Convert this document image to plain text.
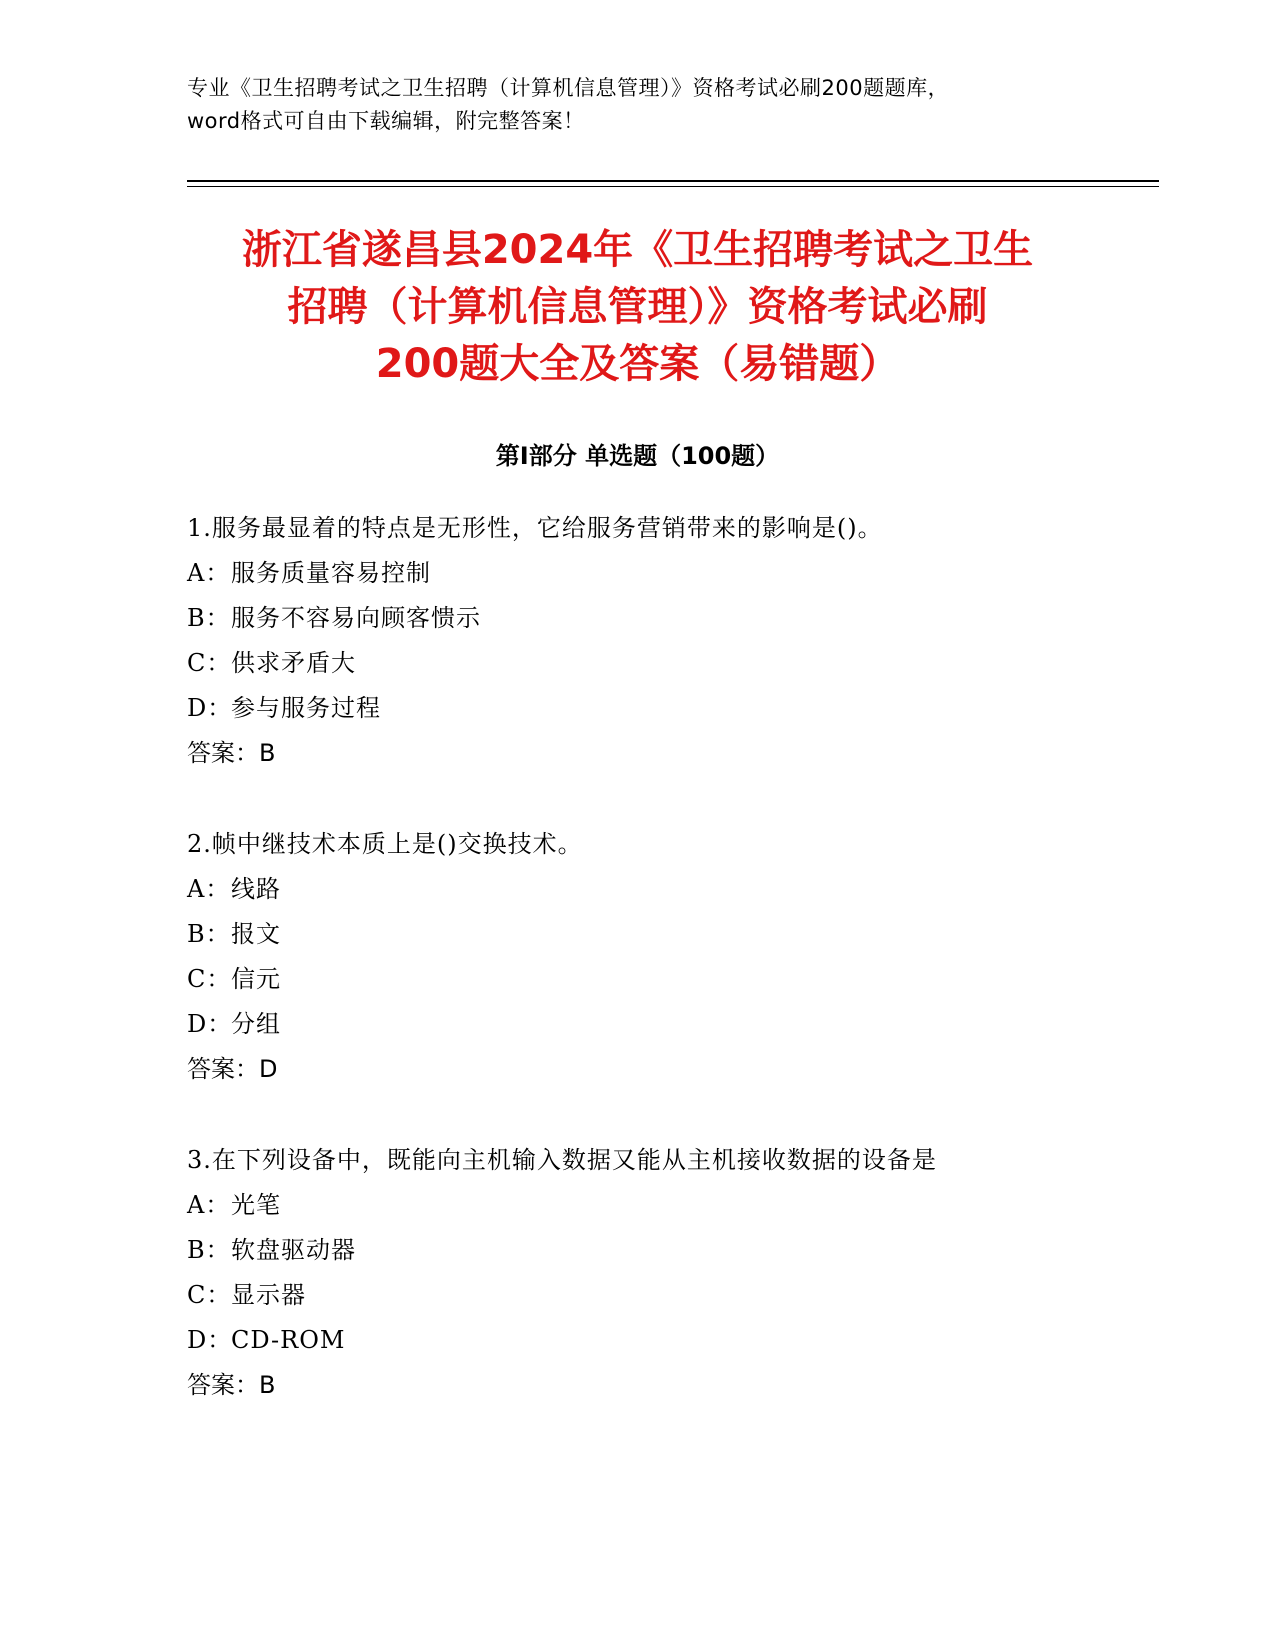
专业《卫生招聘考试之卫生招聘（计算机信息管理）》资格考试必刷200题题库，
word格式可自由下载编辑，附完整答案！
浙江省遂昌县2024年《卫生招聘考试之卫生
招聘（计算机信息管理）》资格考试必刷
200题大全及答案（易错题）
第I部分 单选题（100题）
1.服务最显着的特点是无形性，它给服务营销带来的影响是()。
A：服务质量容易控制
B：服务不容易向顾客愦示
C：供求矛盾大
D：参与服务过程
答案：B
2.帧中继技术本质上是()交换技术。
A：线路
B：报文
C：信元
D：分组
答案：D
3.在下列设备中，既能向主机输入数据又能从主机接收数据的设备是
A：光笔
B：软盘驱动器
C：显示器
D：CD-ROM
答案：B
